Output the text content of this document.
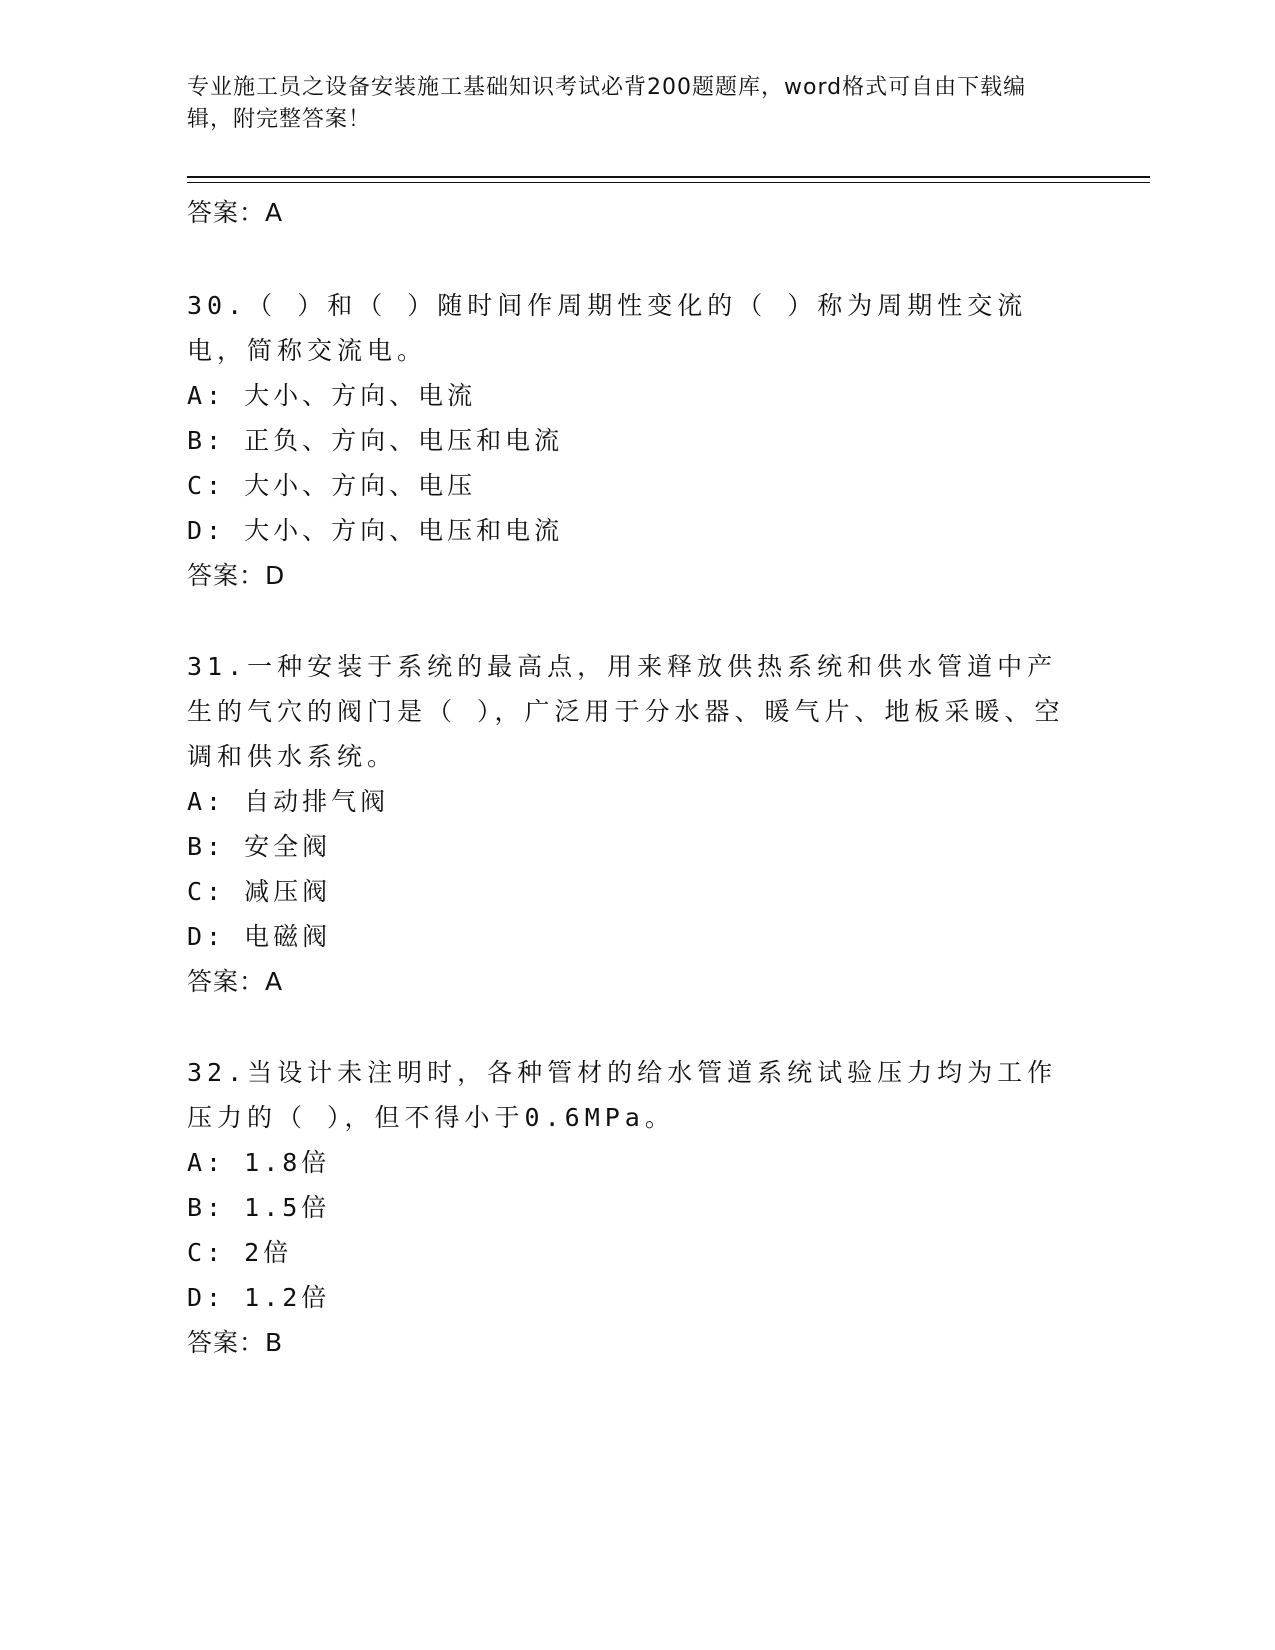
专业施工员之设备安装施工基础知识考试必背200题题库，word格式可自由下载编辑，附完整答案！
答案：A
30.（ ）和（ ）随时间作周期性变化的（ ）称为周期性交流电，简称交流电。
A: 大小、方向、电流
B: 正负、方向、电压和电流
C: 大小、方向、电压
D: 大小、方向、电压和电流
答案：D
31.一种安装于系统的最高点，用来释放供热系统和供水管道中产生的气穴的阀门是（ ），广泛用于分水器、暖气片、地板采暖、空调和供水系统。
A: 自动排气阀
B: 安全阀
C: 减压阀
D: 电磁阀
答案：A
32.当设计未注明时，各种管材的给水管道系统试验压力均为工作压力的（ ），但不得小于0.6MPa。
A: 1.8倍
B: 1.5倍
C: 2倍
D: 1.2倍
答案：B
